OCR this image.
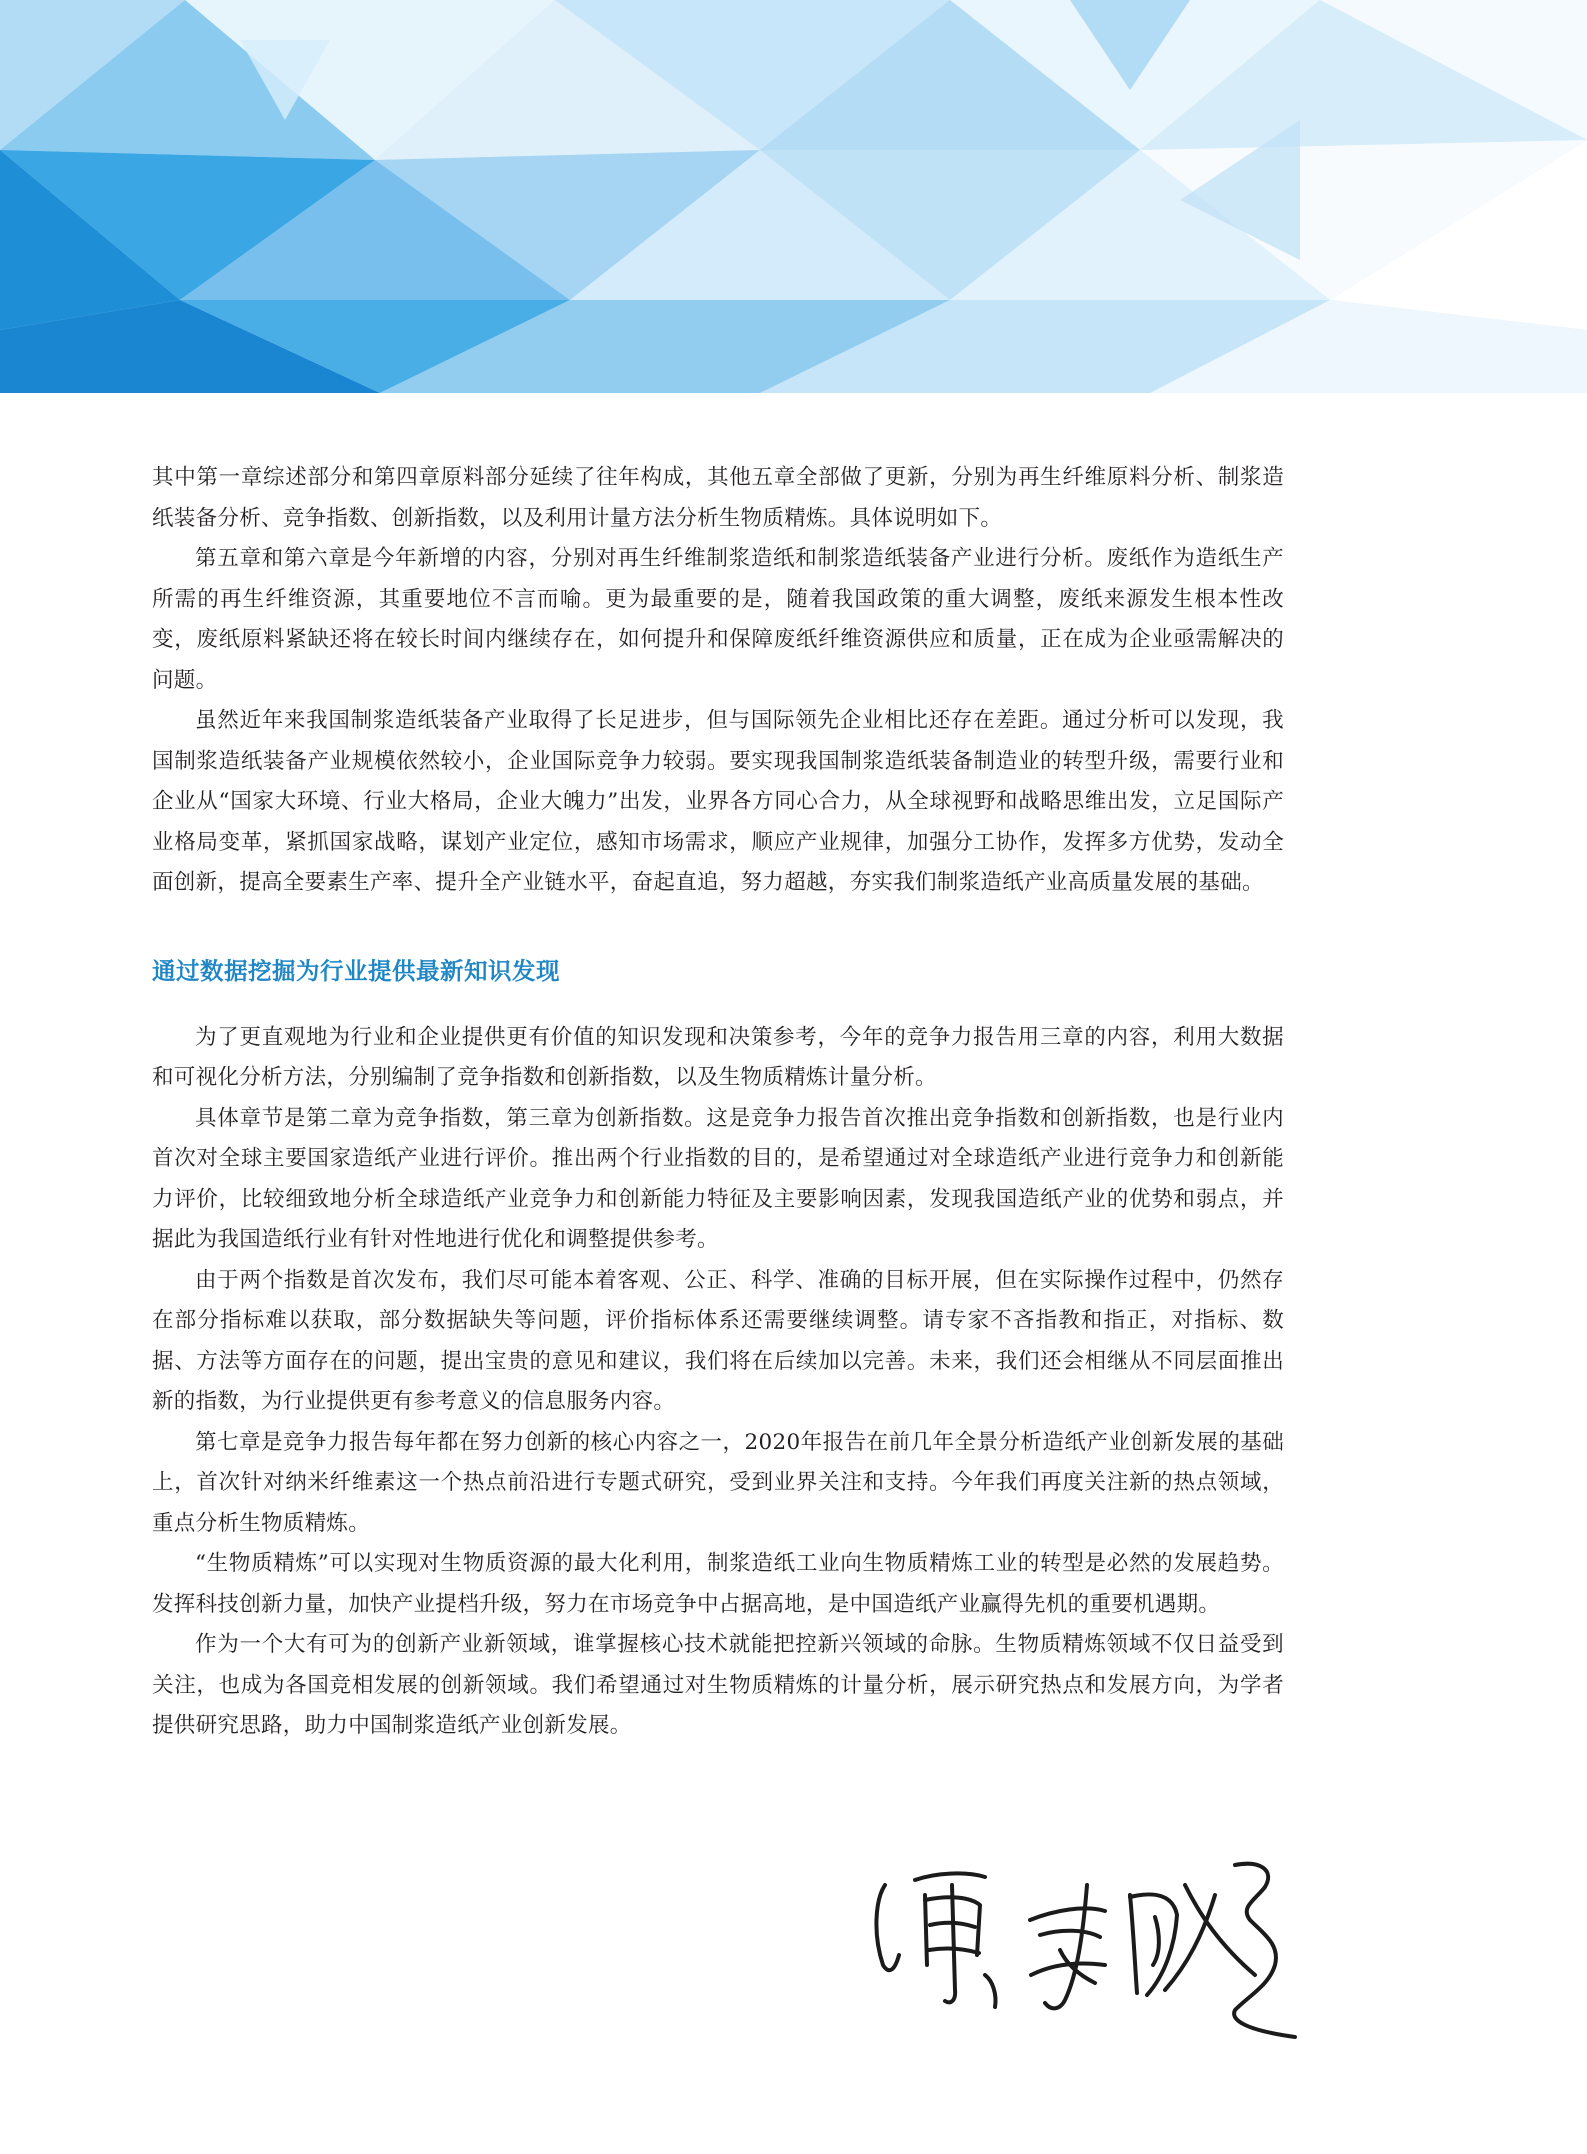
其中第一章综述部分和第四章原料部分延续了往年构成，其他五章全部做了更新，分别为再生纤维原料分析、制浆造纸装备分析、竞争指数、创新指数，以及利用计量方法分析生物质精炼。具体说明如下。

第五章和第六章是今年新增的内容，分别对再生纤维制浆造纸和制浆造纸装备产业进行分析。废纸作为造纸生产所需的再生纤维资源，其重要地位不言而喻。更为最重要的是，随着我国政策的重大调整，废纸来源发生根本性改变，废纸原料紧缺还将在较长时间内继续存在，如何提升和保障废纸纤维资源供应和质量，正在成为企业亟需解决的问题。

虽然近年来我国制浆造纸装备产业取得了长足进步，但与国际领先企业相比还存在差距。通过分析可以发现，我国制浆造纸装备产业规模依然较小，企业国际竞争力较弱。要实现我国制浆造纸装备制造业的转型升级，需要行业和企业从“国家大环境、行业大格局，企业大魄力”出发，业界各方同心合力，从全球视野和战略思维出发，立足国际产业格局变革，紧抓国家战略，谋划产业定位，感知市场需求，顺应产业规律，加强分工协作，发挥多方优势，发动全面创新，提高全要素生产率、提升全产业链水平，奋起直追，努力超越，夯实我们制浆造纸产业高质量发展的基础。

通过数据挖掘为行业提供最新知识发现

为了更直观地为行业和企业提供更有价值的知识发现和决策参考，今年的竞争力报告用三章的内容，利用大数据和可视化分析方法，分别编制了竞争指数和创新指数，以及生物质精炼计量分析。

具体章节是第二章为竞争指数，第三章为创新指数。这是竞争力报告首次推出竞争指数和创新指数，也是行业内首次对全球主要国家造纸产业进行评价。推出两个行业指数的目的，是希望通过对全球造纸产业进行竞争力和创新能力评价，比较细致地分析全球造纸产业竞争力和创新能力特征及主要影响因素，发现我国造纸产业的优势和弱点，并据此为我国造纸行业有针对性地进行优化和调整提供参考。

由于两个指数是首次发布，我们尽可能本着客观、公正、科学、准确的目标开展，但在实际操作过程中，仍然存在部分指标难以获取，部分数据缺失等问题，评价指标体系还需要继续调整。请专家不吝指教和指正，对指标、数据、方法等方面存在的问题，提出宝贵的意见和建议，我们将在后续加以完善。未来，我们还会相继从不同层面推出新的指数，为行业提供更有参考意义的信息服务内容。

第七章是竞争力报告每年都在努力创新的核心内容之一，2020年报告在前几年全景分析造纸产业创新发展的基础上，首次针对纳米纤维素这一个热点前沿进行专题式研究，受到业界关注和支持。今年我们再度关注新的热点领域，重点分析生物质精炼。

“生物质精炼”可以实现对生物质资源的最大化利用，制浆造纸工业向生物质精炼工业的转型是必然的发展趋势。发挥科技创新力量，加快产业提档升级，努力在市场竞争中占据高地，是中国造纸产业赢得先机的重要机遇期。

作为一个大有可为的创新产业新领域，谁掌握核心技术就能把控新兴领域的命脉。生物质精炼领域不仅日益受到关注，也成为各国竞相发展的创新领域。我们希望通过对生物质精炼的计量分析，展示研究热点和发展方向，为学者提供研究思路，助力中国制浆造纸产业创新发展。
